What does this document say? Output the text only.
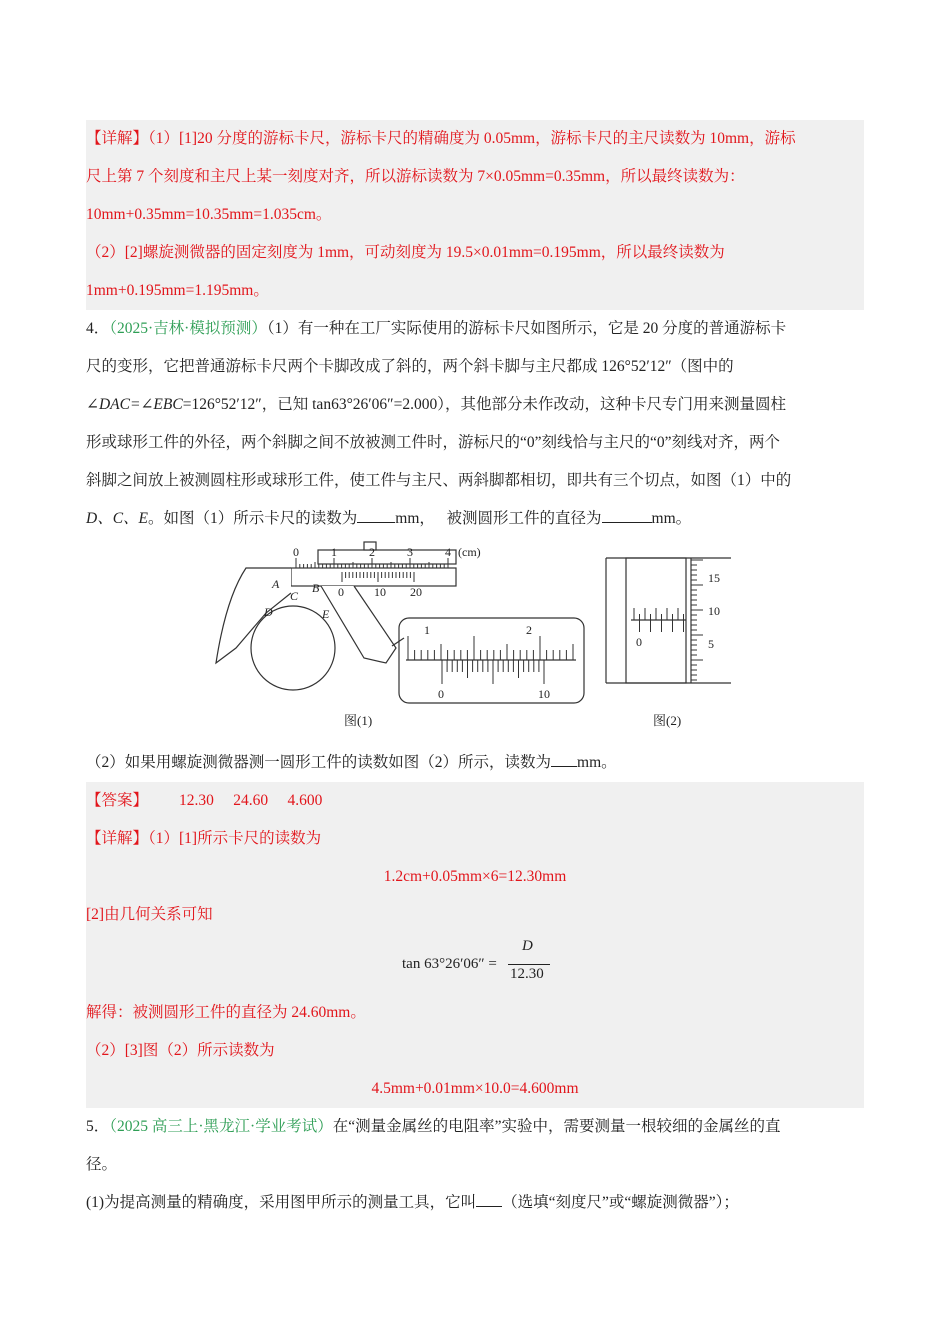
【详解】（1）[1]20 分度的游标卡尺，游标卡尺的精确度为 0.05mm，游标卡尺的主尺读数为 10mm，游标
尺上第 7 个刻度和主尺上某一刻度对齐，所以游标读数为 7×0.05mm=0.35mm，所以最终读数为：
10mm+0.35mm=10.35mm=1.035cm。
（2）[2]螺旋测微器的固定刻度为 1mm，可动刻度为 19.5×0.01mm=0.195mm，所以最终读数为
1mm+0.195mm=1.195mm。
4．（2025·吉林·模拟预测）（1）有一种在工厂实际使用的游标卡尺如图所示，它是 20 分度的普通游标卡
尺的变形，它把普通游标卡尺两个卡脚改成了斜的，两个斜卡脚与主尺都成 126°52′12″（图中的
∠DAC=∠EBC=126°52′12″，已知 tan63°26′06″=2.000），其他部分未作改动，这种卡尺专门用来测量圆柱
形或球形工件的外径，两个斜脚之间不放被测工件时，游标尺的“0”刻线恰与主尺的“0”刻线对齐，两个
斜脚之间放上被测圆柱形或球形工件，使工件与主尺、两斜脚都相切，即共有三个切点，如图（1）中的
D、C、E。如图（1）所示卡尺的读数为 mm， 被测圆形工件的直径为	mm。
0	1	2	3	4 (cm)
0	10 20
1	2
0	10
A	B
C
D	E
0
15
10
5
图(1)	图(2)
（2）如果用螺旋测微器测一圆形工件的读数如图（2）所示，读数为 mm。
【答案】 12.30 24.60 4.600
【详解】（1）[1]所示卡尺的读数为
1.2cm+0.05mm×6=12.30mm
[2]由几何关系可知
tan 63°26′06″ =
D
12.30
解得：被测圆形工件的直径为 24.60mm。
（2）[3]图（2）所示读数为
4.5mm+0.01mm×10.0=4.600mm
5．（2025 高三上·黑龙江·学业考试）在“测量金属丝的电阻率”实验中，需要测量一根较细的金属丝的直
径。
(1)为提高测量的精确度，采用图甲所示的测量工具，它叫 （选填“刻度尺”或“螺旋测微器”）；
